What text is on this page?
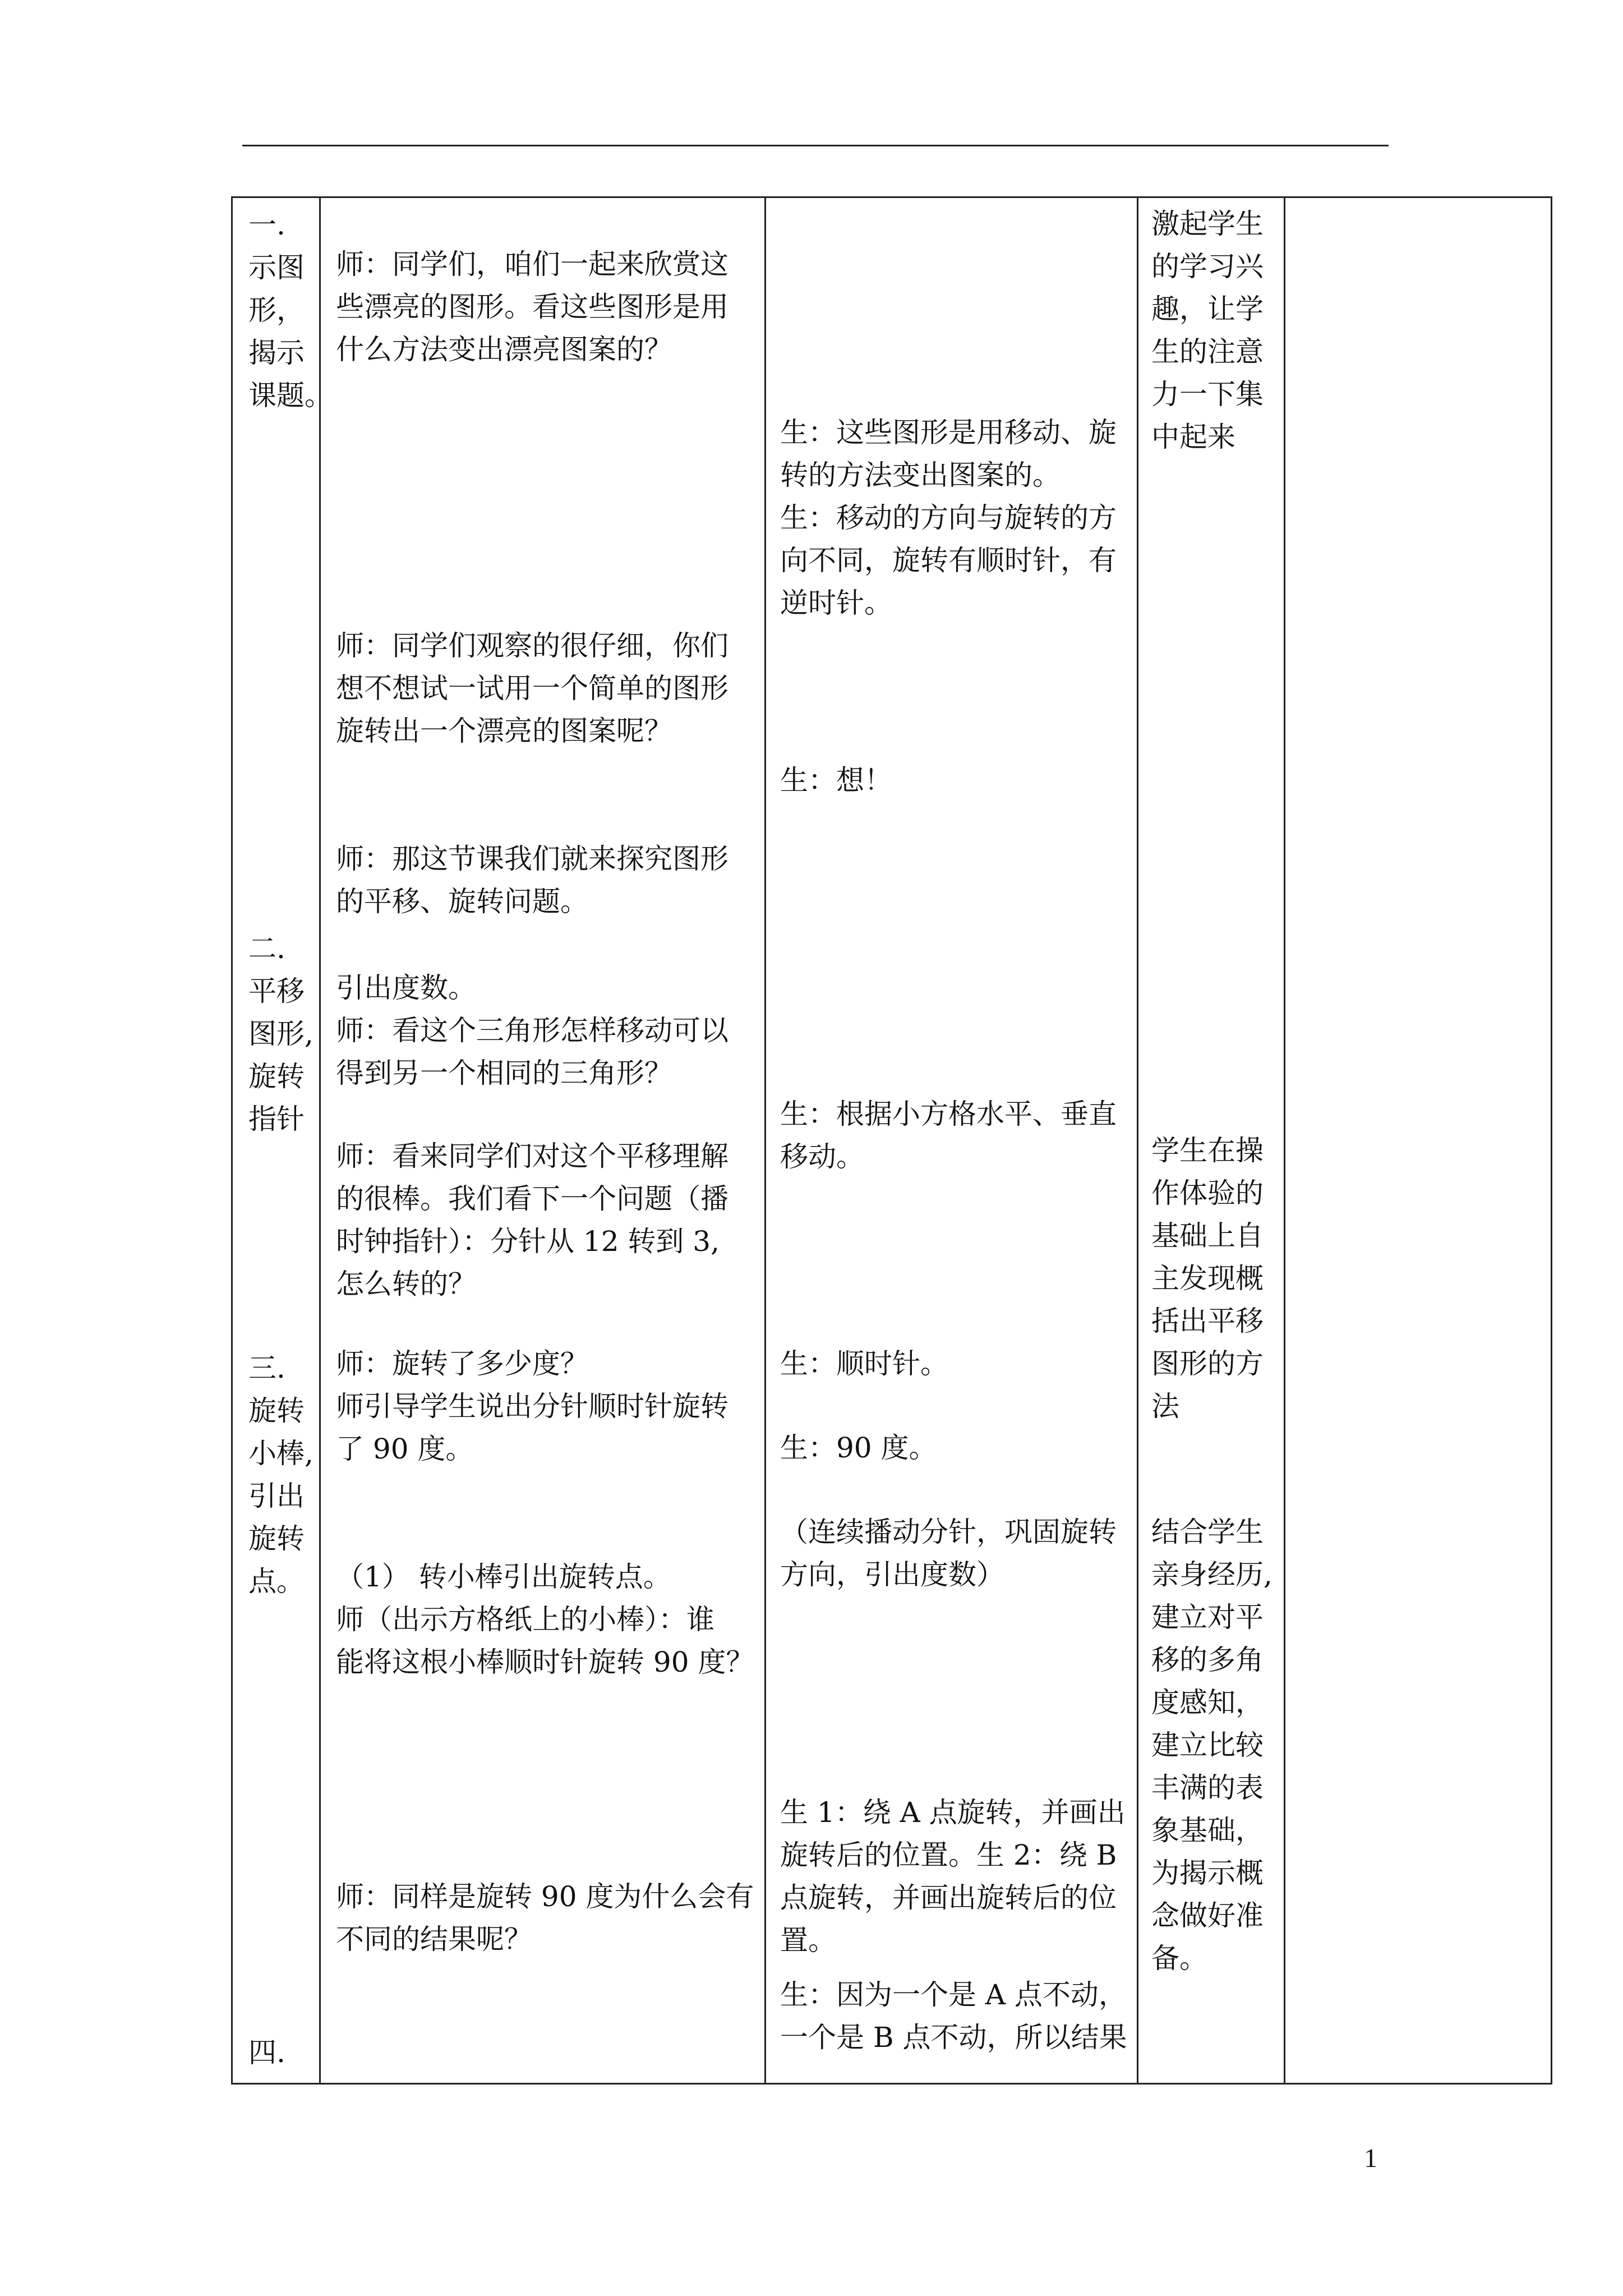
一.
示图
形，
揭示
课题。

二.
平移
图形,
旋转
指针

三.
旋转
小棒,
引出
旋转
点。

四.

师：同学们，咱们一起来欣赏这
些漂亮的图形。看这些图形是用
什么方法变出漂亮图案的？

师：同学们观察的很仔细，你们
想不想试一试用一个简单的图形
旋转出一个漂亮的图案呢？

师：那这节课我们就来探究图形
的平移、旋转问题。

引出度数。
师：看这个三角形怎样移动可以
得到另一个相同的三角形？

师：看来同学们对这个平移理解
的很棒。我们看下一个问题（播
时钟指针）：分针从 12 转到 3,
怎么转的？

师：旋转了多少度？
师引导学生说出分针顺时针旋转
了 90 度。

（1） 转小棒引出旋转点。
师（出示方格纸上的小棒）：谁
能将这根小棒顺时针旋转 90 度？

师：同样是旋转 90 度为什么会有
不同的结果呢？

生：这些图形是用移动、旋
转的方法变出图案的。
生：移动的方向与旋转的方
向不同，旋转有顺时针，有
逆时针。

生：想！

生：根据小方格水平、垂直
移动。

生：顺时针。

生：90 度。

（连续播动分针，巩固旋转
方向，引出度数）

生 1：绕 A 点旋转，并画出
旋转后的位置。生 2：绕 B
点旋转，并画出旋转后的位
置。

生：因为一个是 A 点不动，
一个是 B 点不动，所以结果

激起学生
的学习兴
趣，让学
生的注意
力一下集
中起来

学生在操
作体验的
基础上自
主发现概
括出平移
图形的方
法

结合学生
亲身经历,
建立对平
移的多角
度感知，
建立比较
丰满的表
象基础，
为揭示概
念做好准
备。

1
